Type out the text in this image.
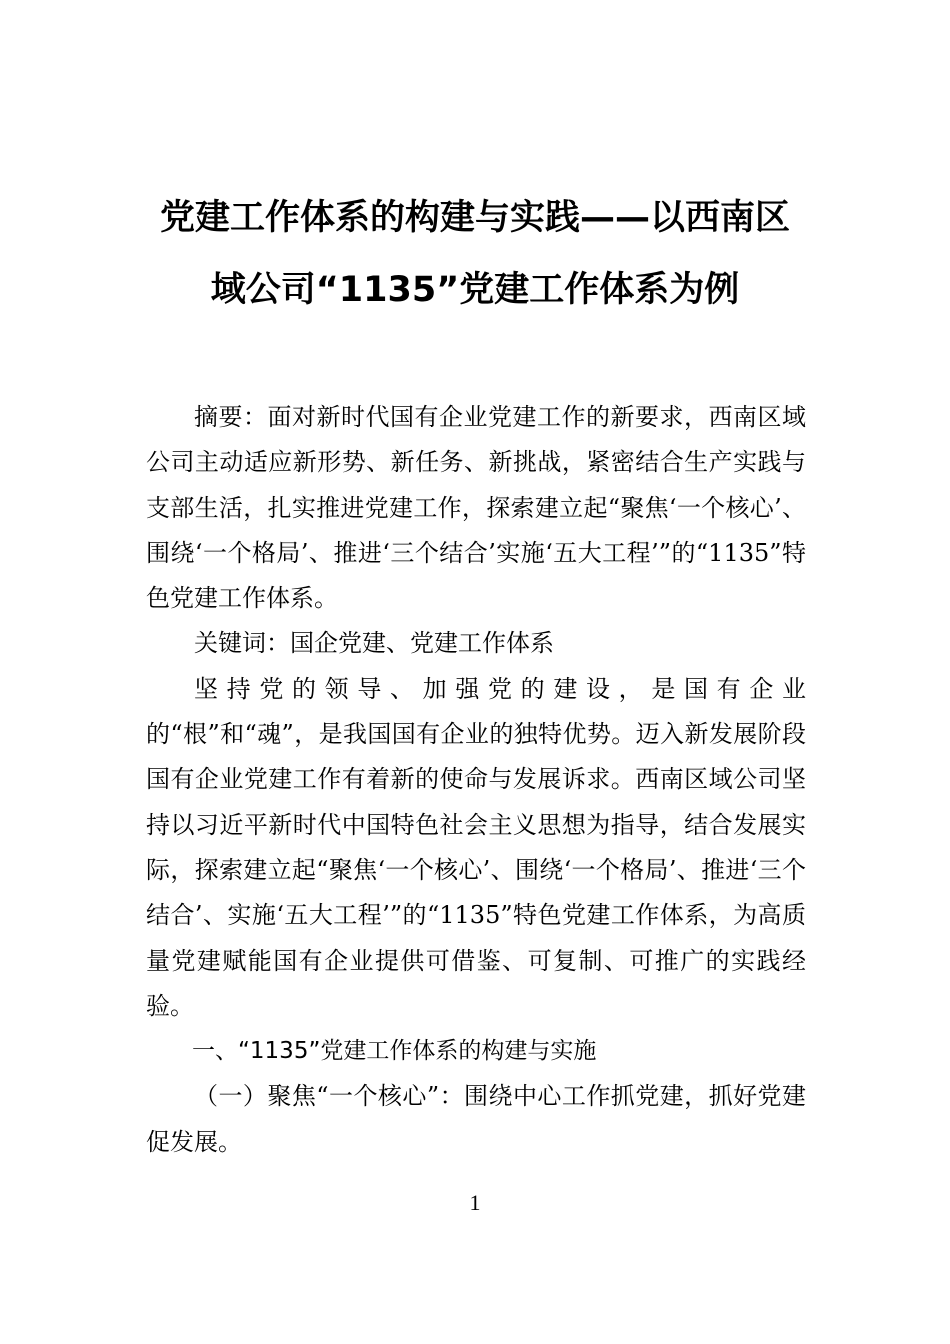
党建工作体系的构建与实践——以西南区
域公司“1135”党建工作体系为例

摘要：面对新时代国有企业党建工作的新要求，西南区域公司主动适应新形势、新任务、新挑战，紧密结合生产实践与支部生活，扎实推进党建工作，探索建立起“聚焦‘一个核心’、围绕‘一个格局’、推进‘三个结合’实施‘五大工程’”的“1135”特色党建工作体系。

关键词：国企党建、党建工作体系

坚持党的领导、加强党的建设，是国有企业的“根”和“魂”，是我国国有企业的独特优势。迈入新发展阶段国有企业党建工作有着新的使命与发展诉求。西南区域公司坚持以习近平新时代中国特色社会主义思想为指导，结合发展实际，探索建立起“聚焦‘一个核心’、围绕‘一个格局’、推进‘三个结合’、实施‘五大工程’”的“1135”特色党建工作体系，为高质量党建赋能国有企业提供可借鉴、可复制、可推广的实践经验。

一、“1135”党建工作体系的构建与实施

（一）聚焦“一个核心”：围绕中心工作抓党建，抓好党建促发展。

1
